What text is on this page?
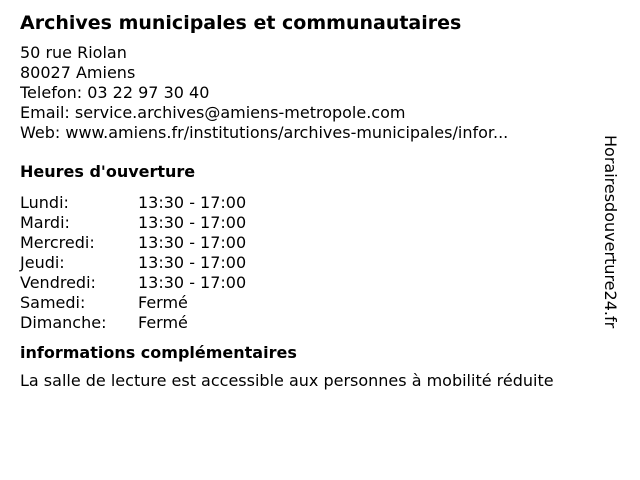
Archives municipales et communautaires
50 rue Riolan
80027 Amiens
Telefon: 03 22 97 30 40
Email: service.archives@amiens-metropole.com
Web: www.amiens.fr/institutions/archives-municipales/infor...
Heures d'ouverture
Lundi:	13:30 - 17:00
Mardi:	13:30 - 17:00
Mercredi:	13:30 - 17:00
Jeudi:	13:30 - 17:00
Vendredi:	13:30 - 17:00
Samedi:	Fermé
Dimanche:	Fermé
informations complémentaires
La salle de lecture est accessible aux personnes à mobilité réduite
Horairesdouverture24.fr
